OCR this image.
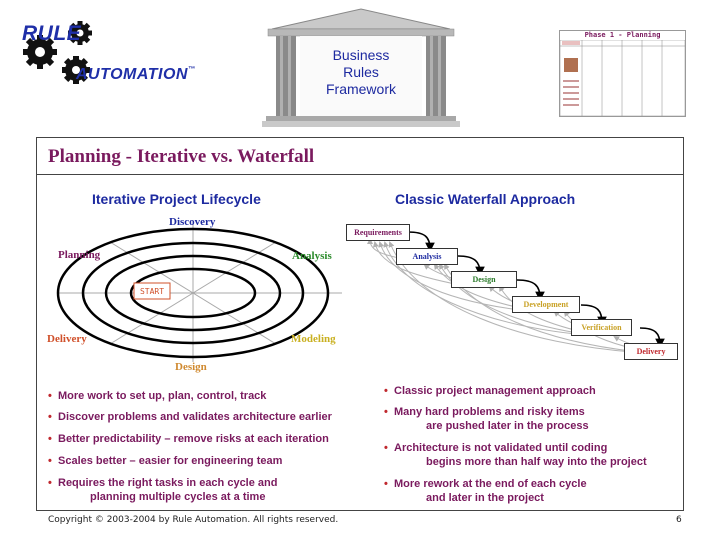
RULE
AUTOMATION™
Business
Rules
Framework
Phase 1 - Planning
Planning - Iterative vs. Waterfall
Iterative Project Lifecycle	Classic Waterfall Approach
Discovery
Analysis
Modeling
Design
Delivery
Planning
START
Requirements
Analysis
Design
Development
Verification
Delivery
• More work to set up, plan, control, track
• Discover problems and validates architecture earlier
• Better predictability – remove risks at each iteration
• Scales better – easier for engineering team
• Requires the right tasks in each cycle and
planning multiple cycles at a time
• Classic project management approach
• Many hard problems and risky items
are pushed later in the process
• Architecture is not validated until coding
begins more than half way into the project
• More rework at the end of each cycle
and later in the project
Copyright © 2003-2004 by Rule Automation. All rights reserved.	6
